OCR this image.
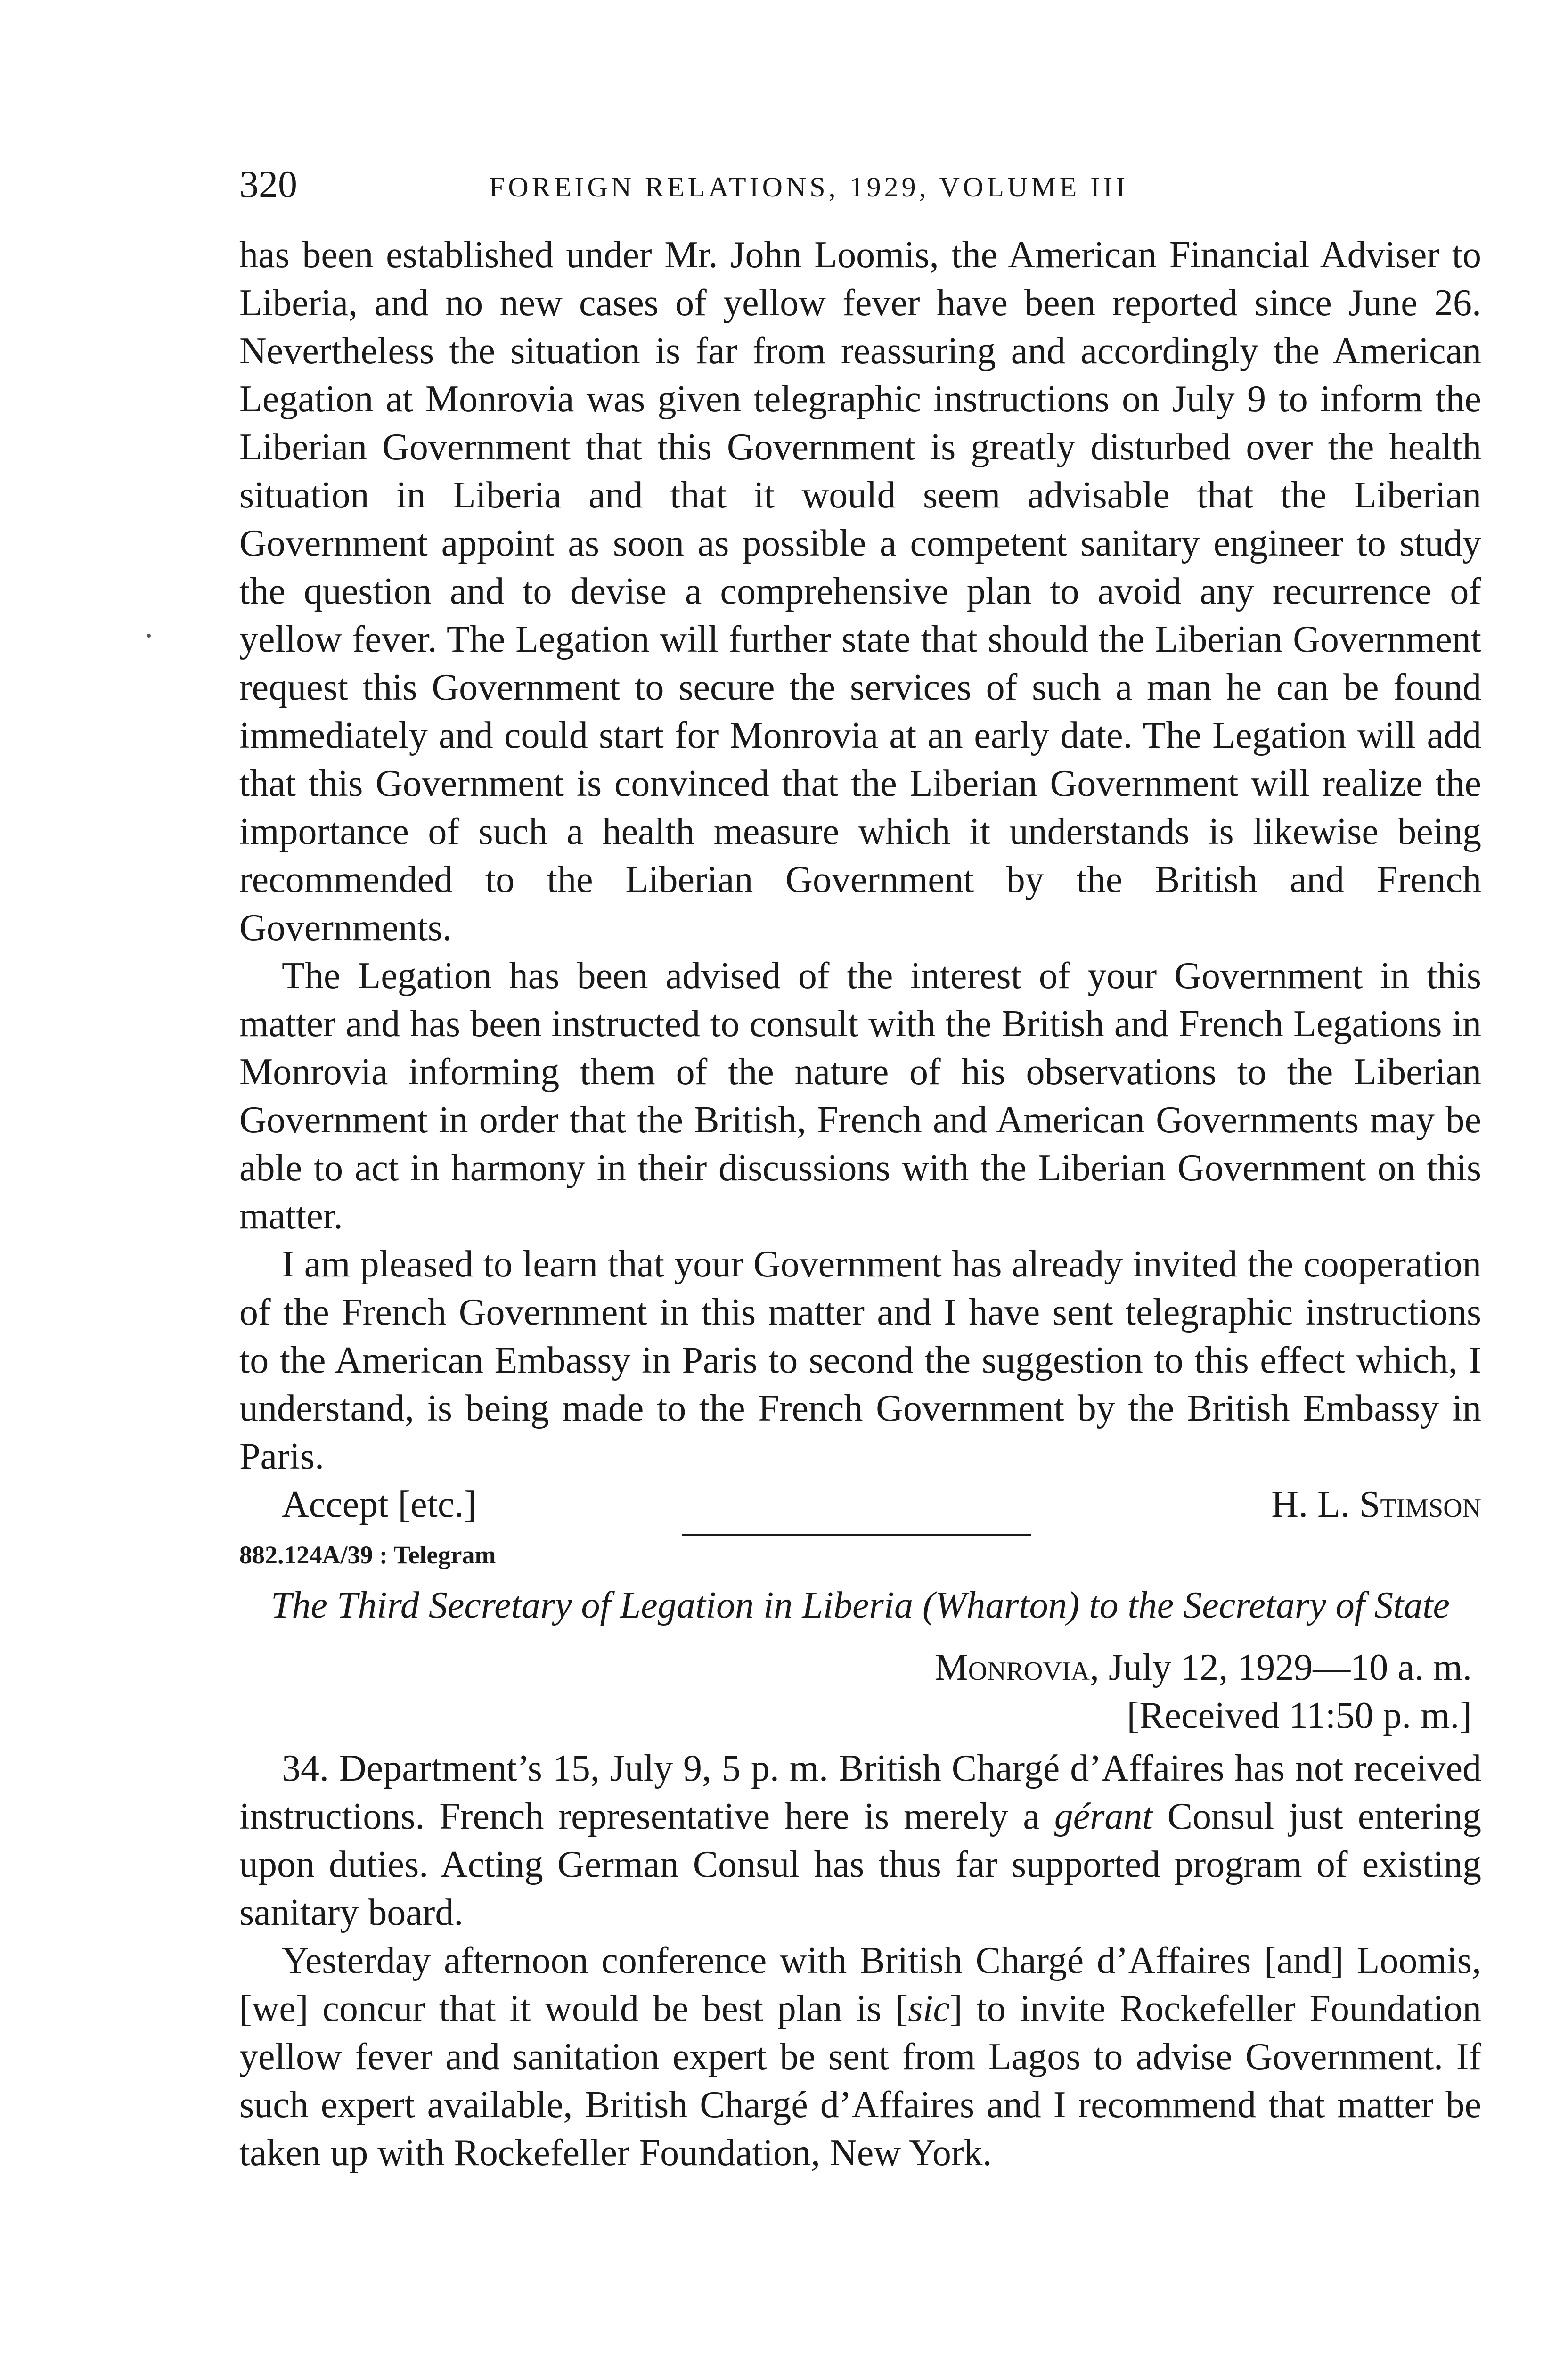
320	FOREIGN RELATIONS, 1929, VOLUME III

has been established under Mr. John Loomis, the American Financial Adviser to Liberia, and no new cases of yellow fever have been reported since June 26. Nevertheless the situation is far from reassuring and accordingly the American Legation at Monrovia was given telegraphic instructions on July 9 to inform the Liberian Government that this Government is greatly disturbed over the health situation in Liberia and that it would seem advisable that the Liberian Government appoint as soon as possible a competent sanitary engineer to study the question and to devise a comprehensive plan to avoid any recurrence of yellow fever. The Legation will further state that should the Liberian Government request this Government to secure the services of such a man he can be found immediately and could start for Monrovia at an early date. The Legation will add that this Government is convinced that the Liberian Government will realize the importance of such a health measure which it understands is likewise being recommended to the Liberian Government by the British and French Governments.

The Legation has been advised of the interest of your Government in this matter and has been instructed to consult with the British and French Legations in Monrovia informing them of the nature of his observations to the Liberian Government in order that the British, French and American Governments may be able to act in harmony in their discussions with the Liberian Government on this matter.

I am pleased to learn that your Government has already invited the cooperation of the French Government in this matter and I have sent telegraphic instructions to the American Embassy in Paris to second the suggestion to this effect which, I understand, is being made to the French Government by the British Embassy in Paris.

Accept [etc.]	H. L. Stimson
882.124A/39 : Telegram
The Third Secretary of Legation in Liberia (Wharton) to the Secretary of State
Monrovia, July 12, 1929—10 a. m.
[Received 11:50 p. m.]

34. Department’s 15, July 9, 5 p. m. British Chargé d’Affaires has not received instructions. French representative here is merely a gérant Consul just entering upon duties. Acting German Consul has thus far supported program of existing sanitary board.

Yesterday afternoon conference with British Chargé d’Affaires [and] Loomis, [we] concur that it would be best plan is [sic] to invite Rockefeller Foundation yellow fever and sanitation expert be sent from Lagos to advise Government. If such expert available, British Chargé d’Affaires and I recommend that matter be taken up with Rockefeller Foundation, New York.
